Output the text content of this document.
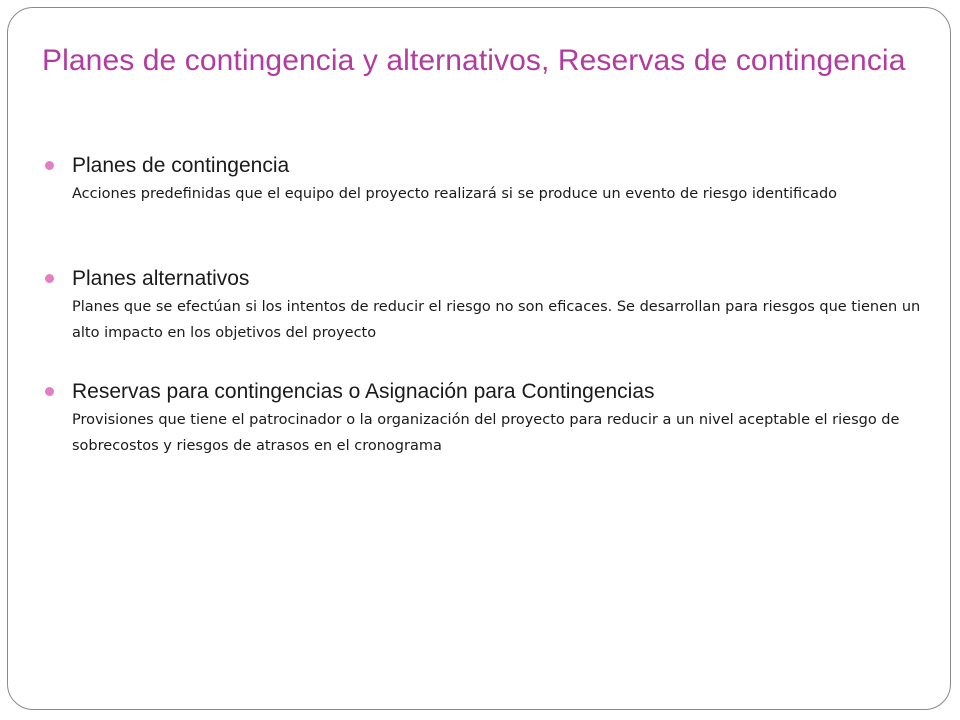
Planes de contingencia y alternativos, Reservas de contingencia
Planes de contingencia
Acciones predefinidas que el equipo del proyecto realizará si se produce un evento de riesgo identificado
Planes alternativos
Planes que se efectúan si los intentos de reducir el riesgo no son eficaces. Se desarrollan para riesgos que tienen un alto impacto en los objetivos del proyecto
Reservas para contingencias o Asignación para Contingencias
Provisiones que tiene el patrocinador o la organización del proyecto para reducir a un nivel aceptable el riesgo de sobrecostos y riesgos de atrasos en el cronograma
